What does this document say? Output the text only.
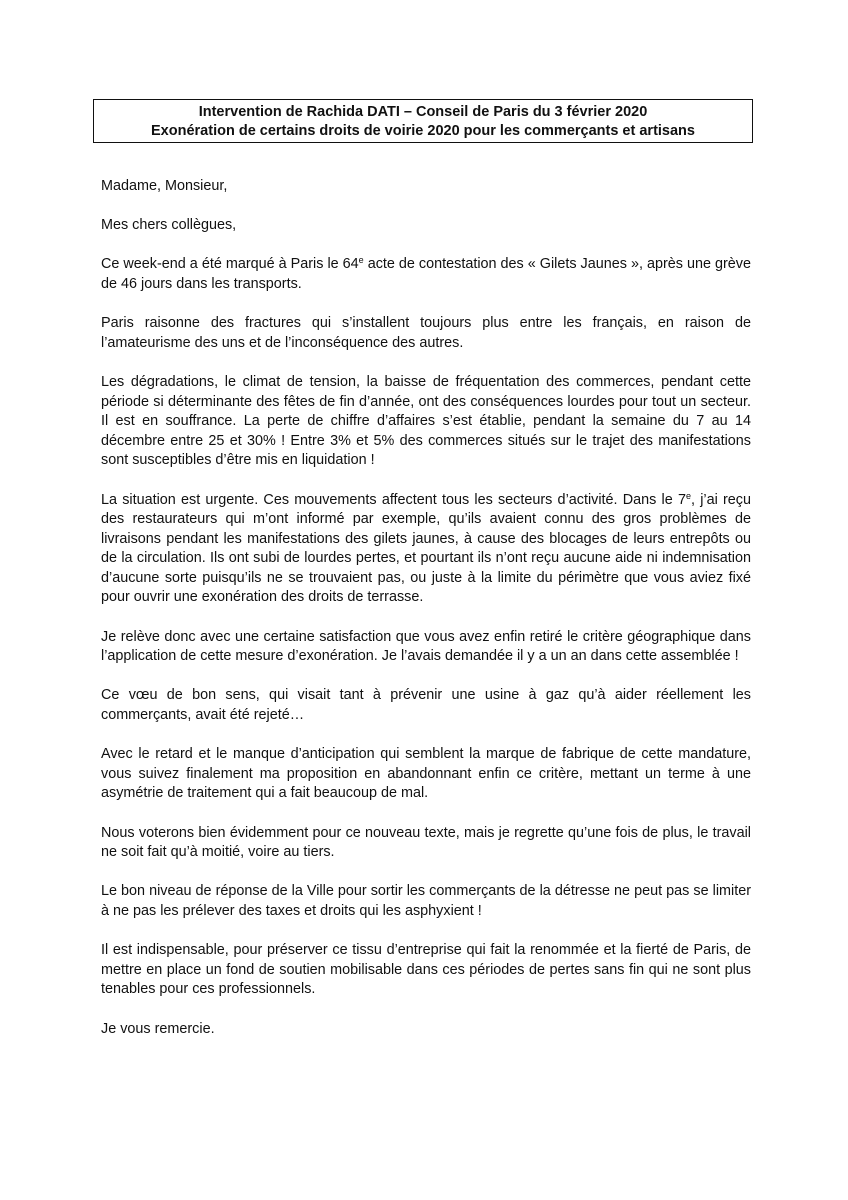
Intervention de Rachida DATI – Conseil de Paris du 3 février 2020
Exonération de certains droits de voirie 2020 pour les commerçants et artisans

Madame, Monsieur,

Mes chers collègues,

Ce week-end a été marqué à Paris le 64e acte de contestation des « Gilets Jaunes », après une grève de 46 jours dans les transports.

Paris raisonne des fractures qui s’installent toujours plus entre les français, en raison de l’amateurisme des uns et de l’inconséquence des autres.

Les dégradations, le climat de tension, la baisse de fréquentation des commerces, pendant cette période si déterminante des fêtes de fin d’année, ont des conséquences lourdes pour tout un secteur. Il est en souffrance. La perte de chiffre d’affaires s’est établie, pendant la semaine du 7 au 14 décembre entre 25 et 30% ! Entre 3% et 5% des commerces situés sur le trajet des manifestations sont susceptibles d’être mis en liquidation !

La situation est urgente. Ces mouvements affectent tous les secteurs d’activité. Dans le 7e, j’ai reçu des restaurateurs qui m’ont informé par exemple, qu’ils avaient connu des gros problèmes de livraisons pendant les manifestations des gilets jaunes, à cause des blocages de leurs entrepôts ou de la circulation. Ils ont subi de lourdes pertes, et pourtant ils n’ont reçu aucune aide ni indemnisation d’aucune sorte puisqu’ils ne se trouvaient pas, ou juste à la limite du périmètre que vous aviez fixé pour ouvrir une exonération des droits de terrasse.

Je relève donc avec une certaine satisfaction que vous avez enfin retiré le critère géographique dans l’application de cette mesure d’exonération. Je l’avais demandée il y a un an dans cette assemblée !

Ce vœu de bon sens, qui visait tant à prévenir une usine à gaz qu’à aider réellement les commerçants, avait été rejeté…

Avec le retard et le manque d’anticipation qui semblent la marque de fabrique de cette mandature, vous suivez finalement ma proposition en abandonnant enfin ce critère, mettant un terme à une asymétrie de traitement qui a fait beaucoup de mal.

Nous voterons bien évidemment pour ce nouveau texte, mais je regrette qu’une fois de plus, le travail ne soit fait qu’à moitié, voire au tiers.

Le bon niveau de réponse de la Ville pour sortir les commerçants de la détresse ne peut pas se limiter à ne pas les prélever des taxes et droits qui les asphyxient !

Il est indispensable, pour préserver ce tissu d’entreprise qui fait la renommée et la fierté de Paris, de mettre en place un fond de soutien mobilisable dans ces périodes de pertes sans fin qui ne sont plus tenables pour ces professionnels.

Je vous remercie.
